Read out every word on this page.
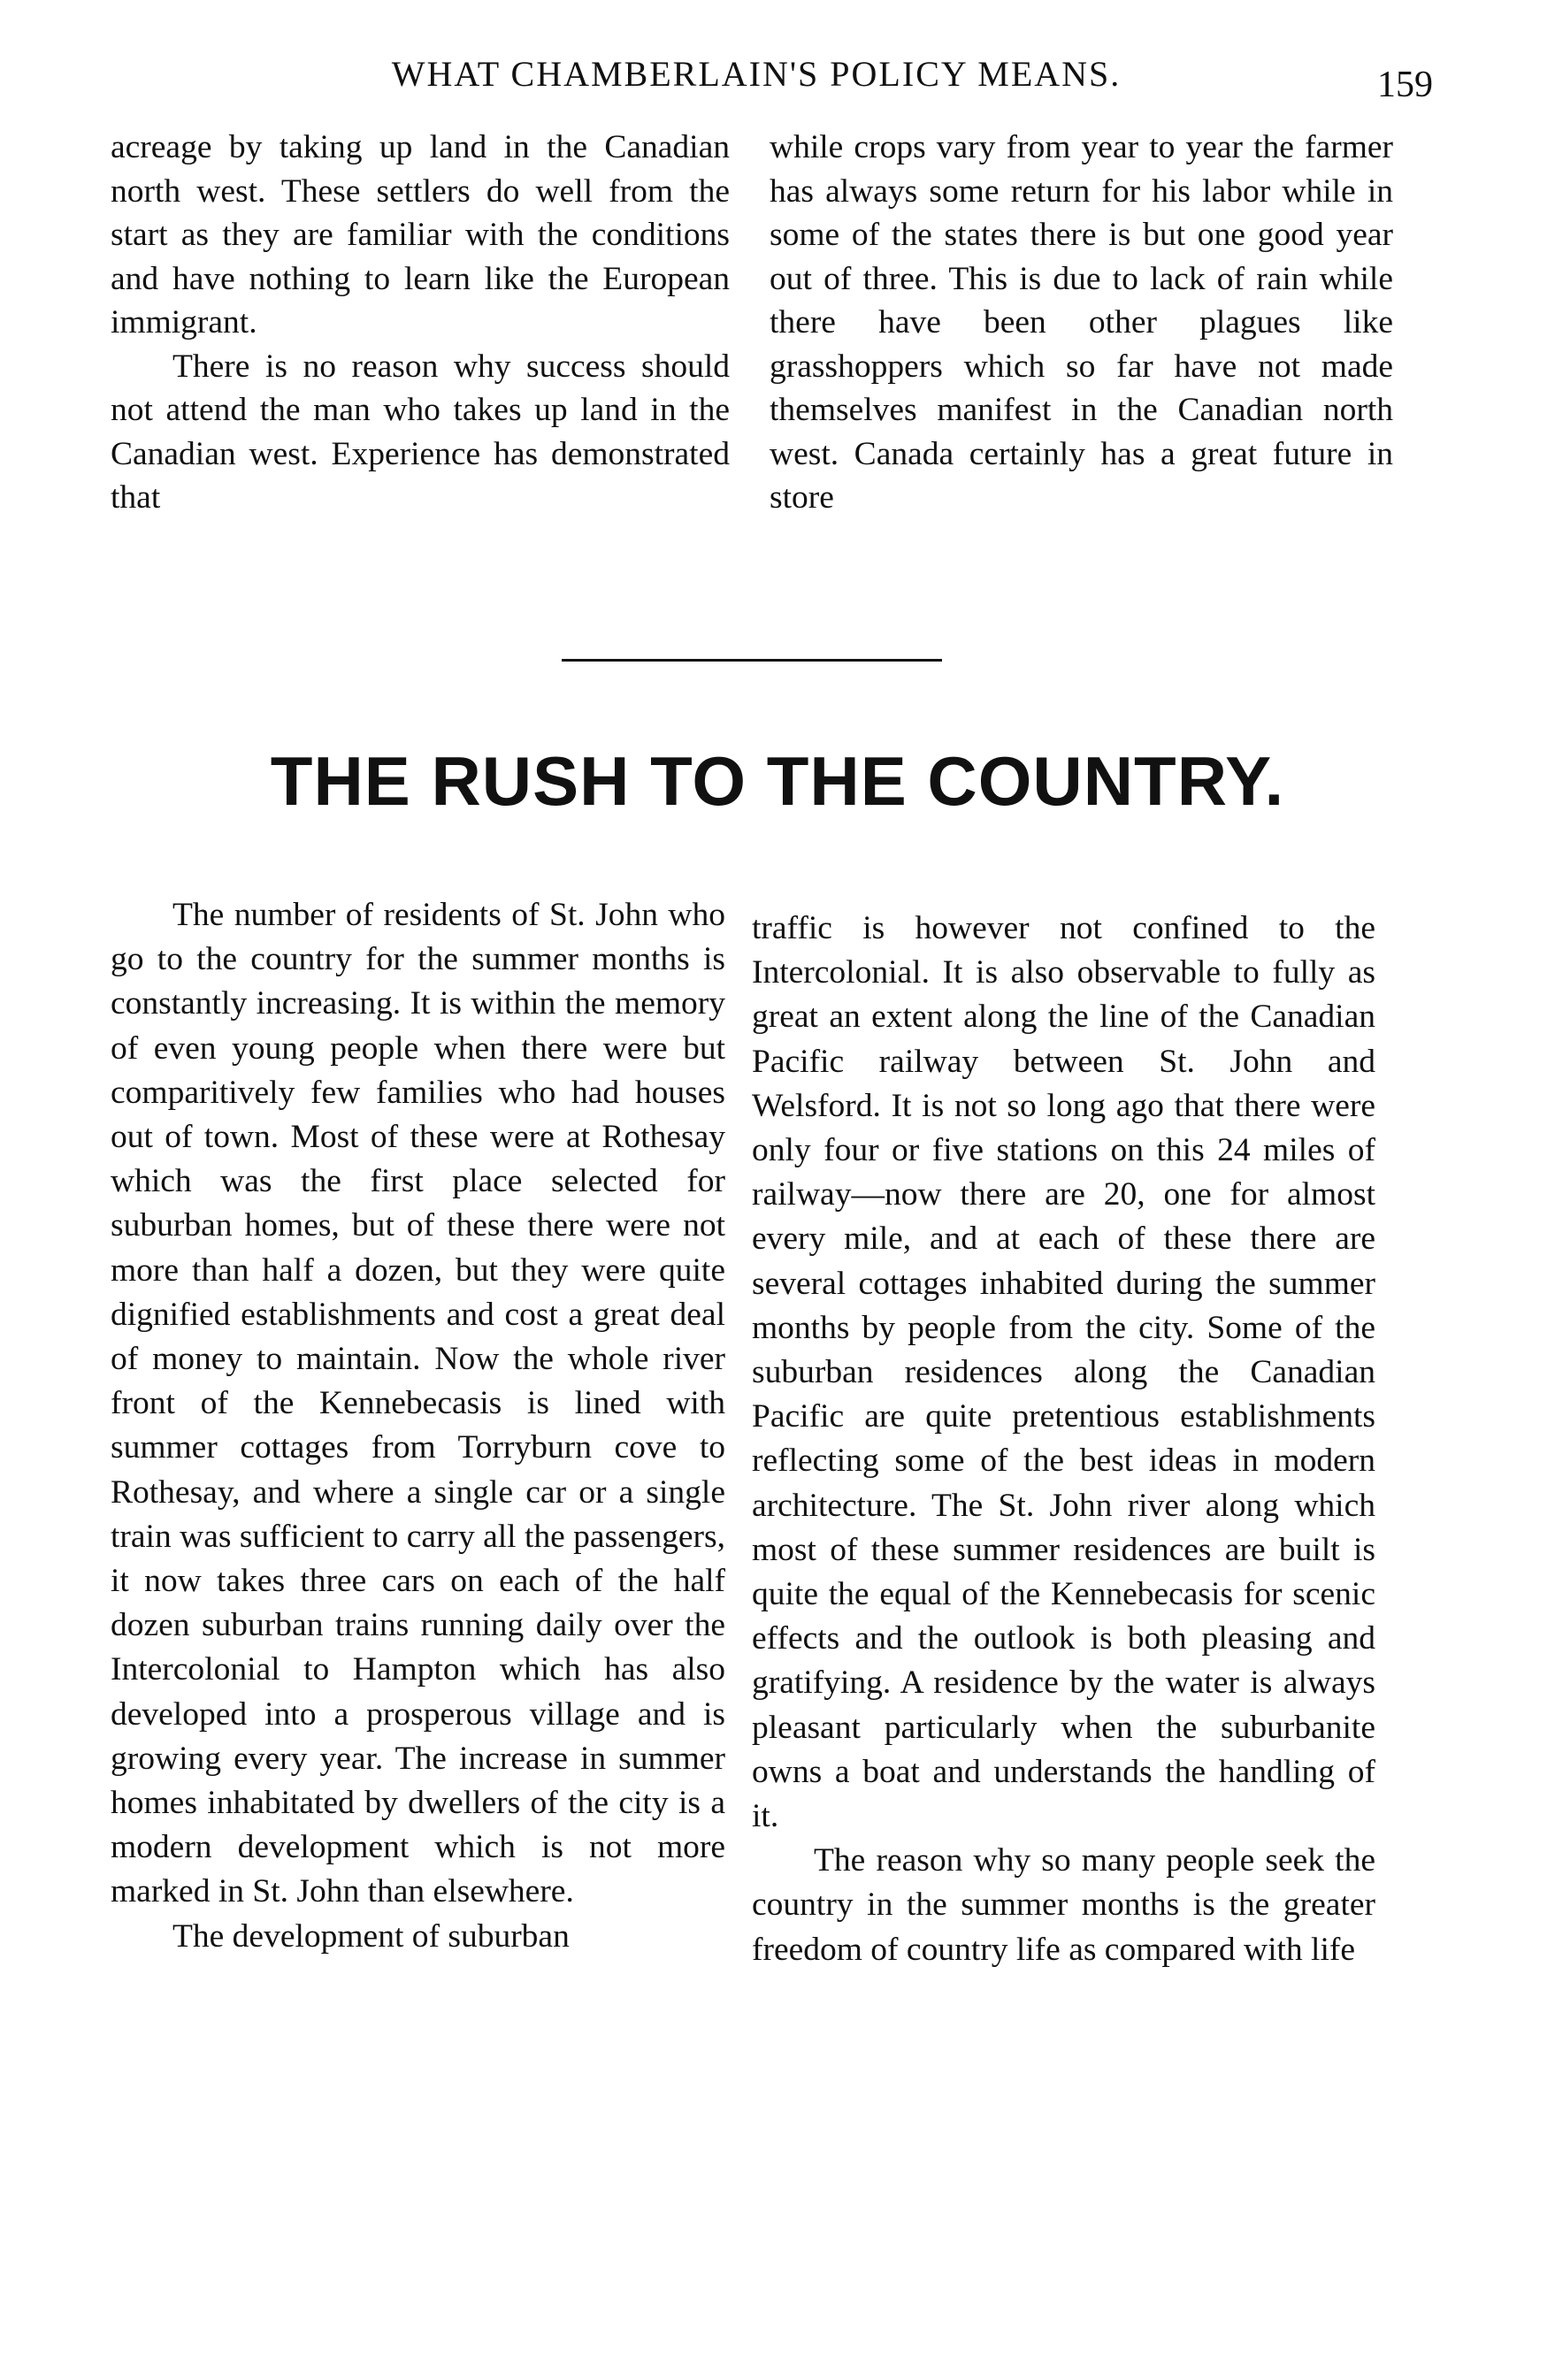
WHAT CHAMBERLAIN'S POLICY MEANS.	159

acreage by taking up land in the Canadian north west. These settlers do well from the start as they are familiar with the conditions and have nothing to learn like the European immigrant.

There is no reason why success should not attend the man who takes up land in the Canadian west. Experience has demonstrated that

while crops vary from year to year the farmer has always some return for his labor while in some of the states there is but one good year out of three. This is due to lack of rain while there have been other plagues like grasshoppers which so far have not made themselves manifest in the Canadian north west. Canada certainly has a great future in store

THE RUSH TO THE COUNTRY.

The number of residents of St. John who go to the country for the summer months is constantly increasing. It is within the memory of even young people when there were but comparitively few families who had houses out of town. Most of these were at Rothesay which was the first place selected for suburban homes, but of these there were not more than half a dozen, but they were quite dignified establishments and cost a great deal of money to maintain. Now the whole river front of the Kennebecasis is lined with summer cottages from Torryburn cove to Rothesay, and where a single car or a single train was sufficient to carry all the passengers, it now takes three cars on each of the half dozen suburban trains running daily over the Intercolonial to Hampton which has also developed into a prosperous village and is growing every year. The increase in summer homes inhabitated by dwellers of the city is a modern development which is not more marked in St. John than elsewhere.

The development of suburban

traffic is however not confined to the Intercolonial. It is also observable to fully as great an extent along the line of the Canadian Pacific railway between St. John and Welsford. It is not so long ago that there were only four or five stations on this 24 miles of railway—now there are 20, one for almost every mile, and at each of these there are several cottages inhabited during the summer months by people from the city. Some of the suburban residences along the Canadian Pacific are quite pretentious establishments reflecting some of the best ideas in modern architecture. The St. John river along which most of these summer residences are built is quite the equal of the Kennebecasis for scenic effects and the outlook is both pleasing and gratifying. A residence by the water is always pleasant particularly when the suburbanite owns a boat and understands the handling of it.

The reason why so many people seek the country in the summer months is the greater freedom of country life as compared with life
